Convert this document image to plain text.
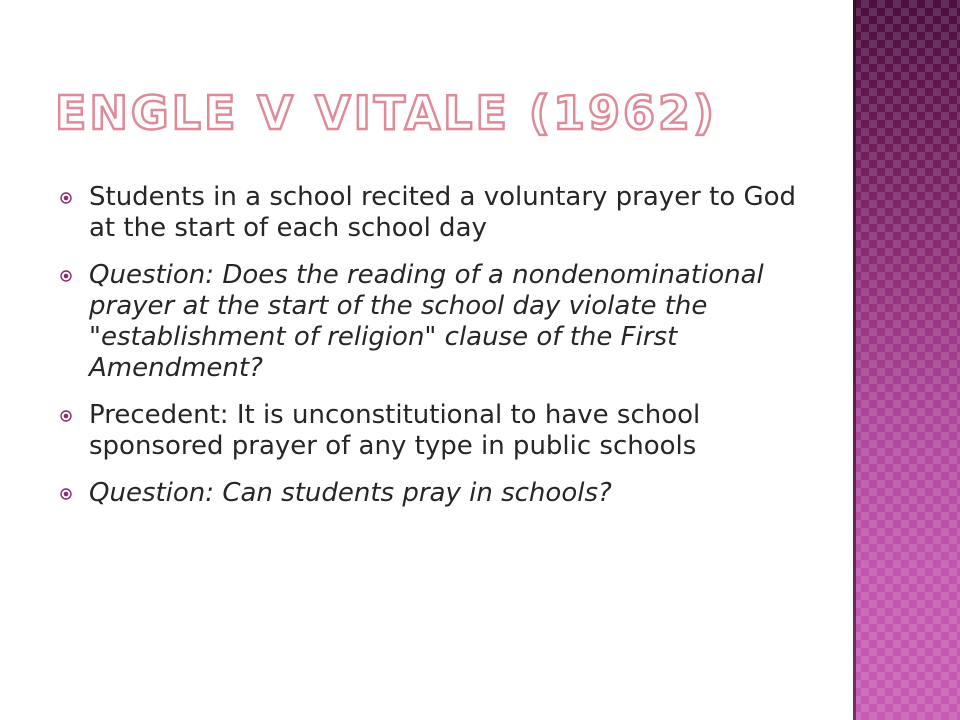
ENGLE V VITALE (1962)
Students in a school recited a voluntary prayer to God at the start of each school day
Question: Does the reading of a nondenominational prayer at the start of the school day violate the "establishment of religion" clause of the First Amendment?
Precedent: It is unconstitutional to have school sponsored prayer of any type in public schools
Question: Can students pray in schools?
